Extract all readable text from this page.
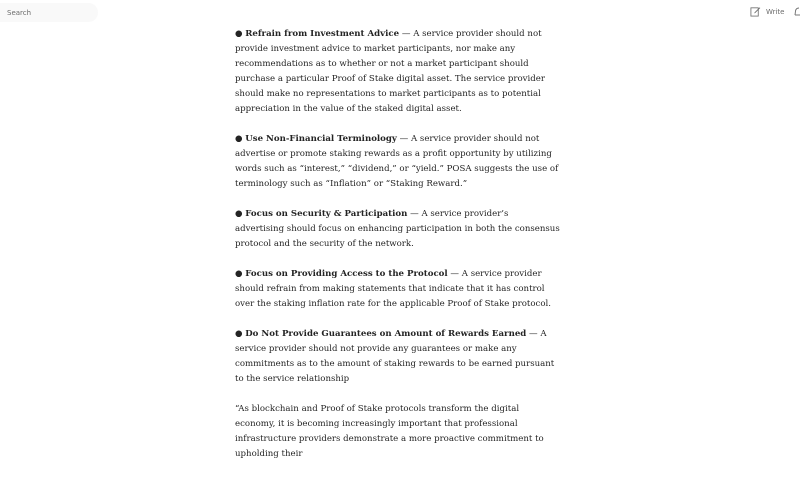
Search	Write

● Refrain from Investment Advice — A service provider should not provide investment advice to market participants, nor make any recommendations as to whether or not a market participant should purchase a particular Proof of Stake digital asset. The service provider should make no representations to market participants as to potential appreciation in the value of the staked digital asset.

● Use Non-Financial Terminology — A service provider should not advertise or promote staking rewards as a profit opportunity by utilizing words such as “interest,” “dividend,” or “yield.” POSA suggests the use of terminology such as “Inflation” or “Staking Reward.”

● Focus on Security & Participation — A service provider’s advertising should focus on enhancing participation in both the consensus protocol and the security of the network.

● Focus on Providing Access to the Protocol — A service provider should refrain from making statements that indicate that it has control over the staking inflation rate for the applicable Proof of Stake protocol.

● Do Not Provide Guarantees on Amount of Rewards Earned — A service provider should not provide any guarantees or make any commitments as to the amount of staking rewards to be earned pursuant to the service relationship

“As blockchain and Proof of Stake protocols transform the digital economy, it is becoming increasingly important that professional infrastructure providers demonstrate a more proactive commitment to upholding their
